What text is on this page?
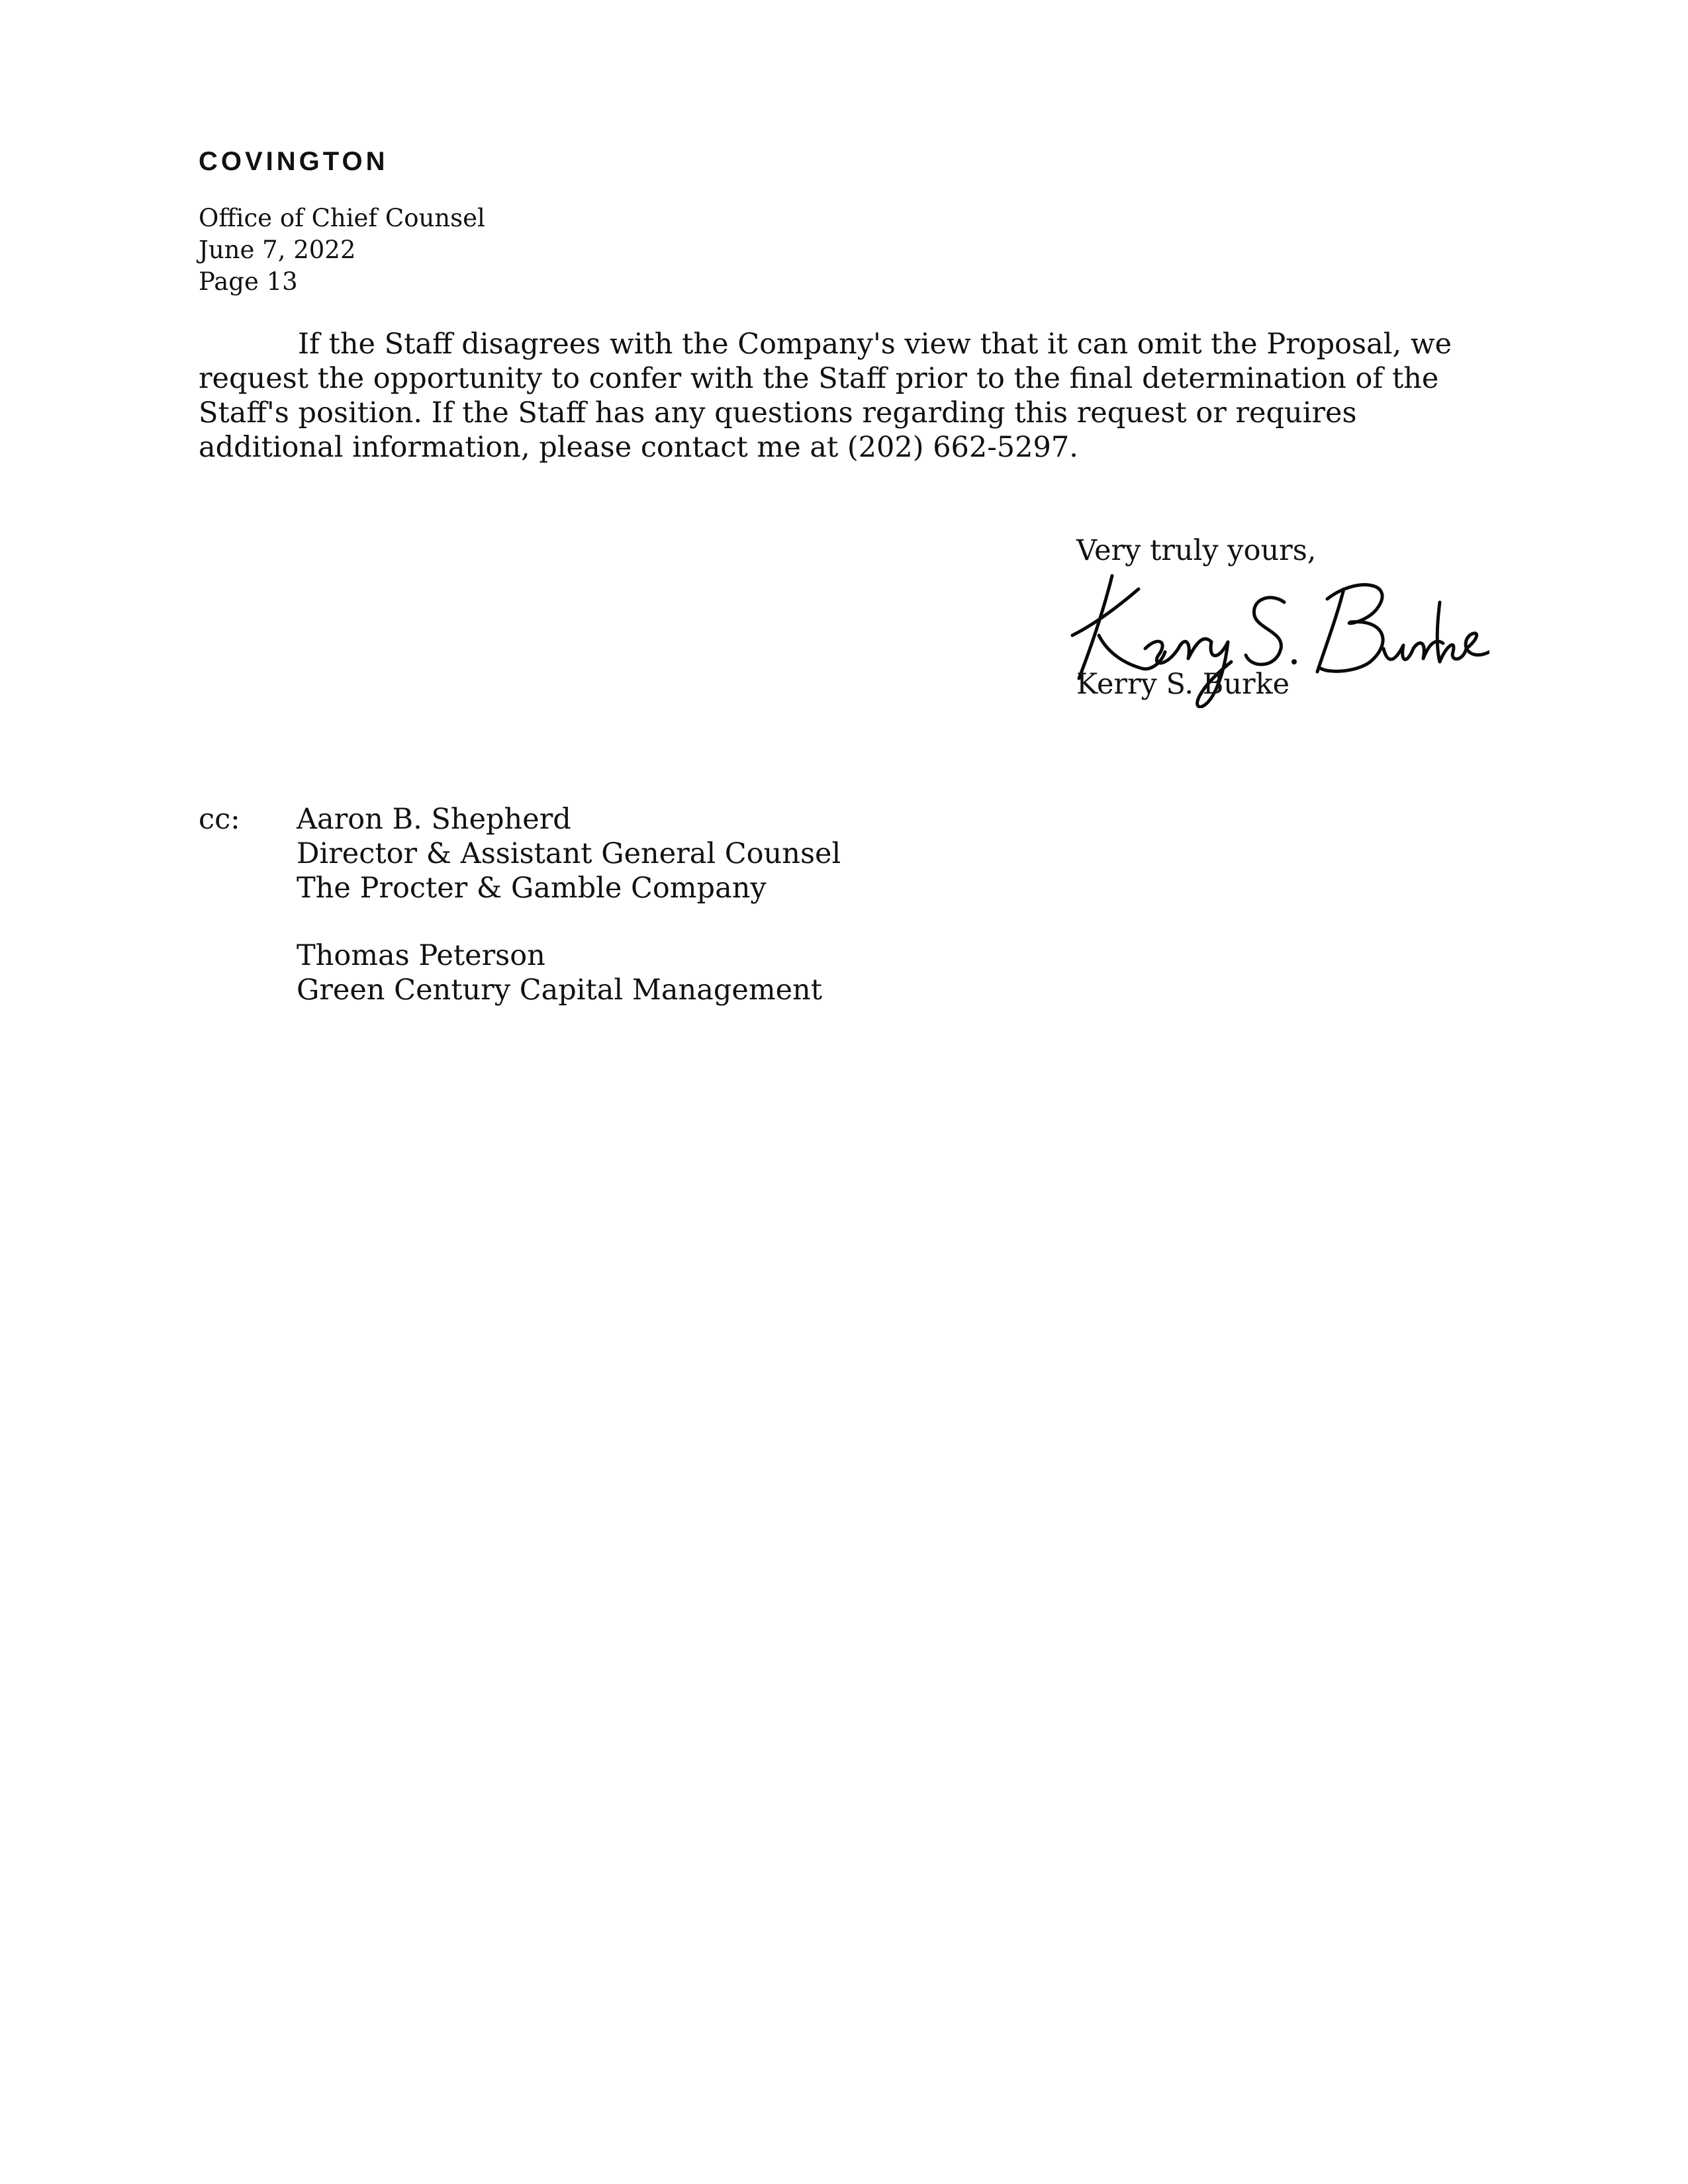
COVINGTON
Office of Chief Counsel
June 7, 2022
Page 13

If the Staff disagrees with the Company's view that it can omit the Proposal, we request the opportunity to confer with the Staff prior to the final determination of the Staff's position. If the Staff has any questions regarding this request or requires additional information, please contact me at (202) 662-5297.

Very truly yours,
Kerry S. Burke
cc: Aaron B. Shepherd
Director & Assistant General Counsel
The Procter & Gamble Company
Thomas Peterson
Green Century Capital Management
